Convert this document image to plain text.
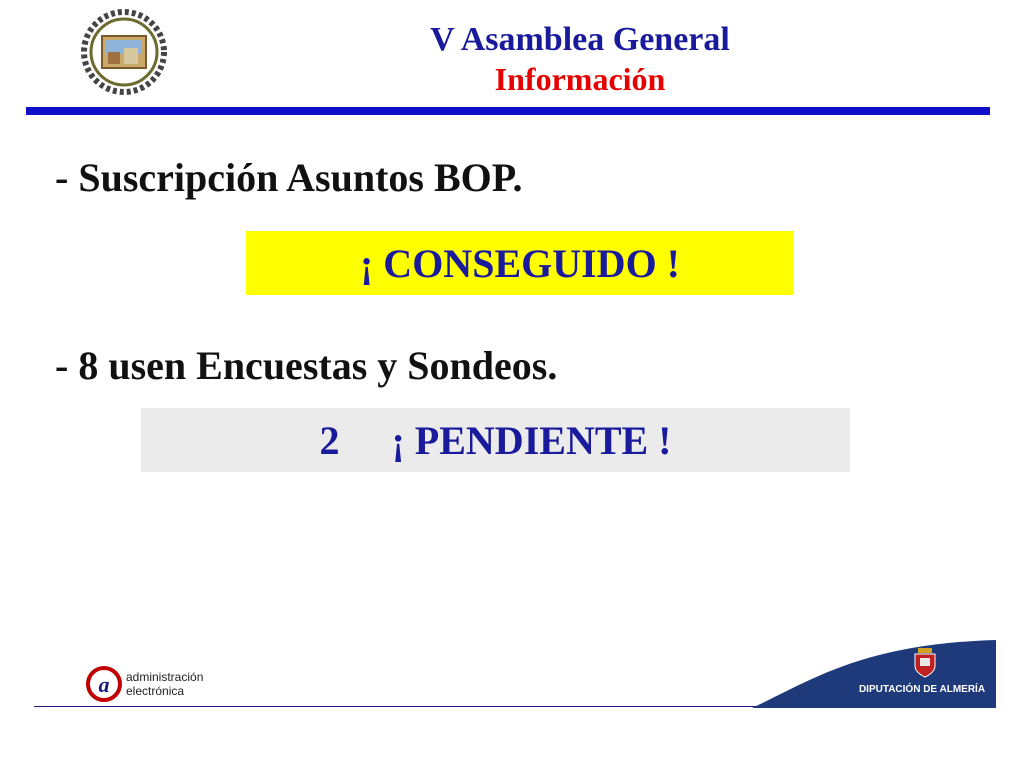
V Asamblea General
Información
- Suscripción Asuntos BOP.
¡ CONSEGUIDO !
- 8 usen Encuestas y Sondeos.
2 ¡ PENDIENTE !
a administración
electrónica	DIPUTACIÓN DE ALMERÍA
